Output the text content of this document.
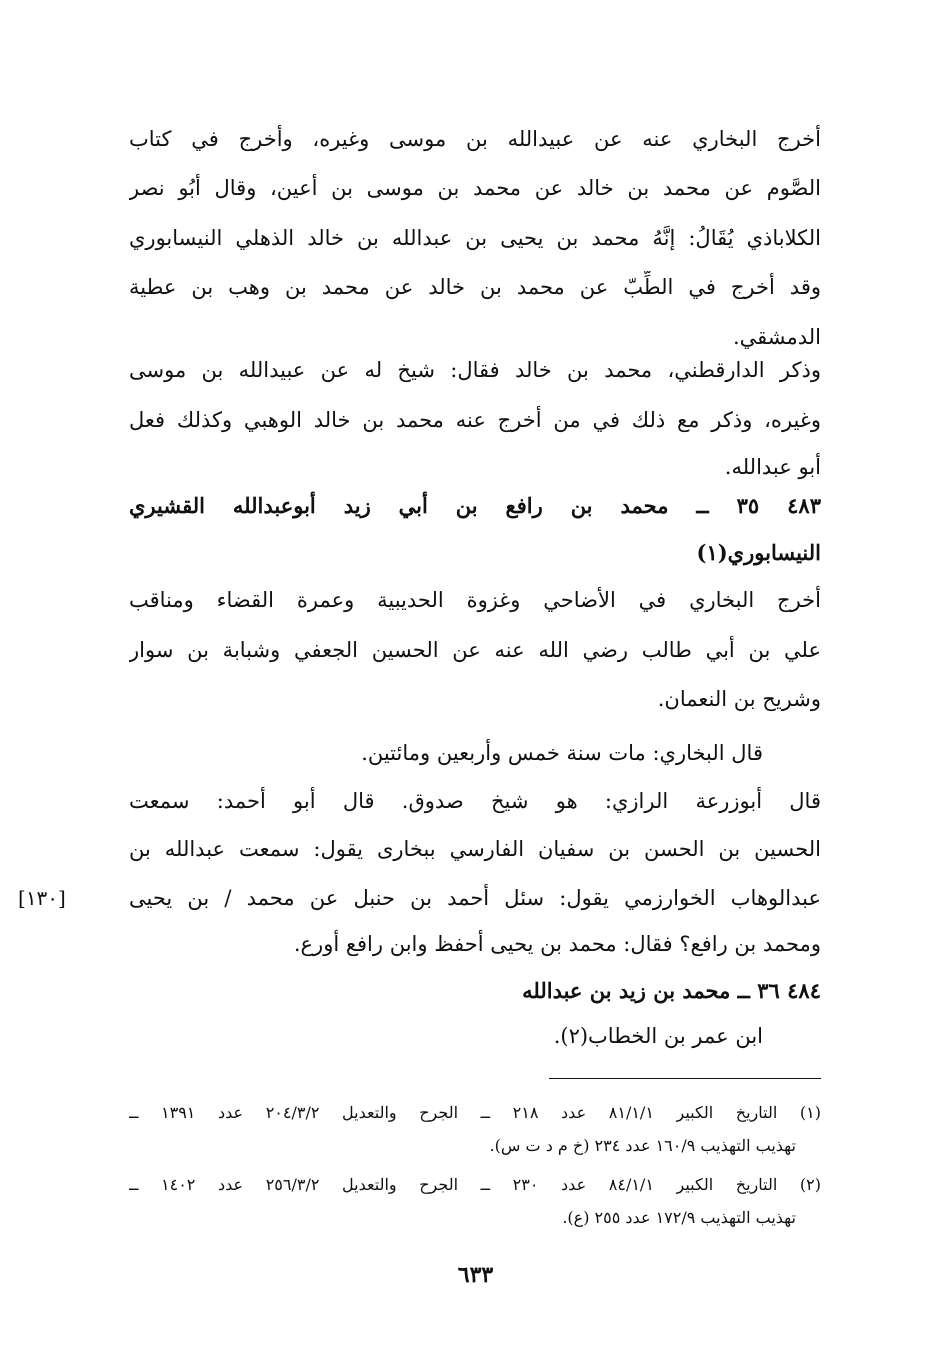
أخرج البخاري عنه عن عبيدالله بن موسى وغيره، وأخرج في كتاب
الصَّوم عن محمد بن خالد عن محمد بن موسى بن أعين، وقال أبُو نصر
الكلاباذي يُقَالُ: إنَّهُ محمد بن يحيى بن عبدالله بن خالد الذهلي النيسابوري
وقد أخرج في الطِّبّ عن محمد بن خالد عن محمد بن وهب بن عطية
الدمشقي.
وذكر الدارقطني، محمد بن خالد فقال: شيخ له عن عبيدالله بن موسى
وغيره، وذكر مع ذلك في من أخرج عنه محمد بن خالد الوهبي وكذلك فعل
أبو عبدالله.
٤٨٣ ٣٥ ــ محمد بن رافع بن أبي زيد أبوعبدالله القشيري
النيسابوري(١)
أخرج البخاري في الأضاحي وغزوة الحديبية وعمرة القضاء ومناقب
علي بن أبي طالب رضي الله عنه عن الحسين الجعفي وشبابة بن سوار
وشريح بن النعمان.
قال البخاري: مات سنة خمس وأربعين ومائتين.
قال أبوزرعة الرازي: هو شيخ صدوق. قال أبو أحمد: سمعت
الحسين بن الحسن بن سفيان الفارسي ببخارى يقول: سمعت عبدالله بن
عبدالوهاب الخوارزمي يقول: سئل أحمد بن حنبل عن محمد / بن يحيى
ومحمد بن رافع؟ فقال: محمد بن يحيى أحفظ وابن رافع أورع.
٤٨٤ ٣٦ ــ محمد بن زيد بن عبدالله
ابن عمر بن الخطاب(٢).
[١٣٠]
(١) التاريخ الكبير ٨١/١/١ عدد ٢١٨ ــ الجرح والتعديل ٢٠٤/٣/٢ عدد ١٣٩١ ــ
تهذيب التهذيب ١٦٠/٩ عدد ٢٣٤ (خ م د ت س).
(٢) التاريخ الكبير ٨٤/١/١ عدد ٢٣٠ ــ الجرح والتعديل ٢٥٦/٣/٢ عدد ١٤٠٢ ــ
تهذيب التهذيب ١٧٢/٩ عدد ٢٥٥ (ع).
٦٣٣
